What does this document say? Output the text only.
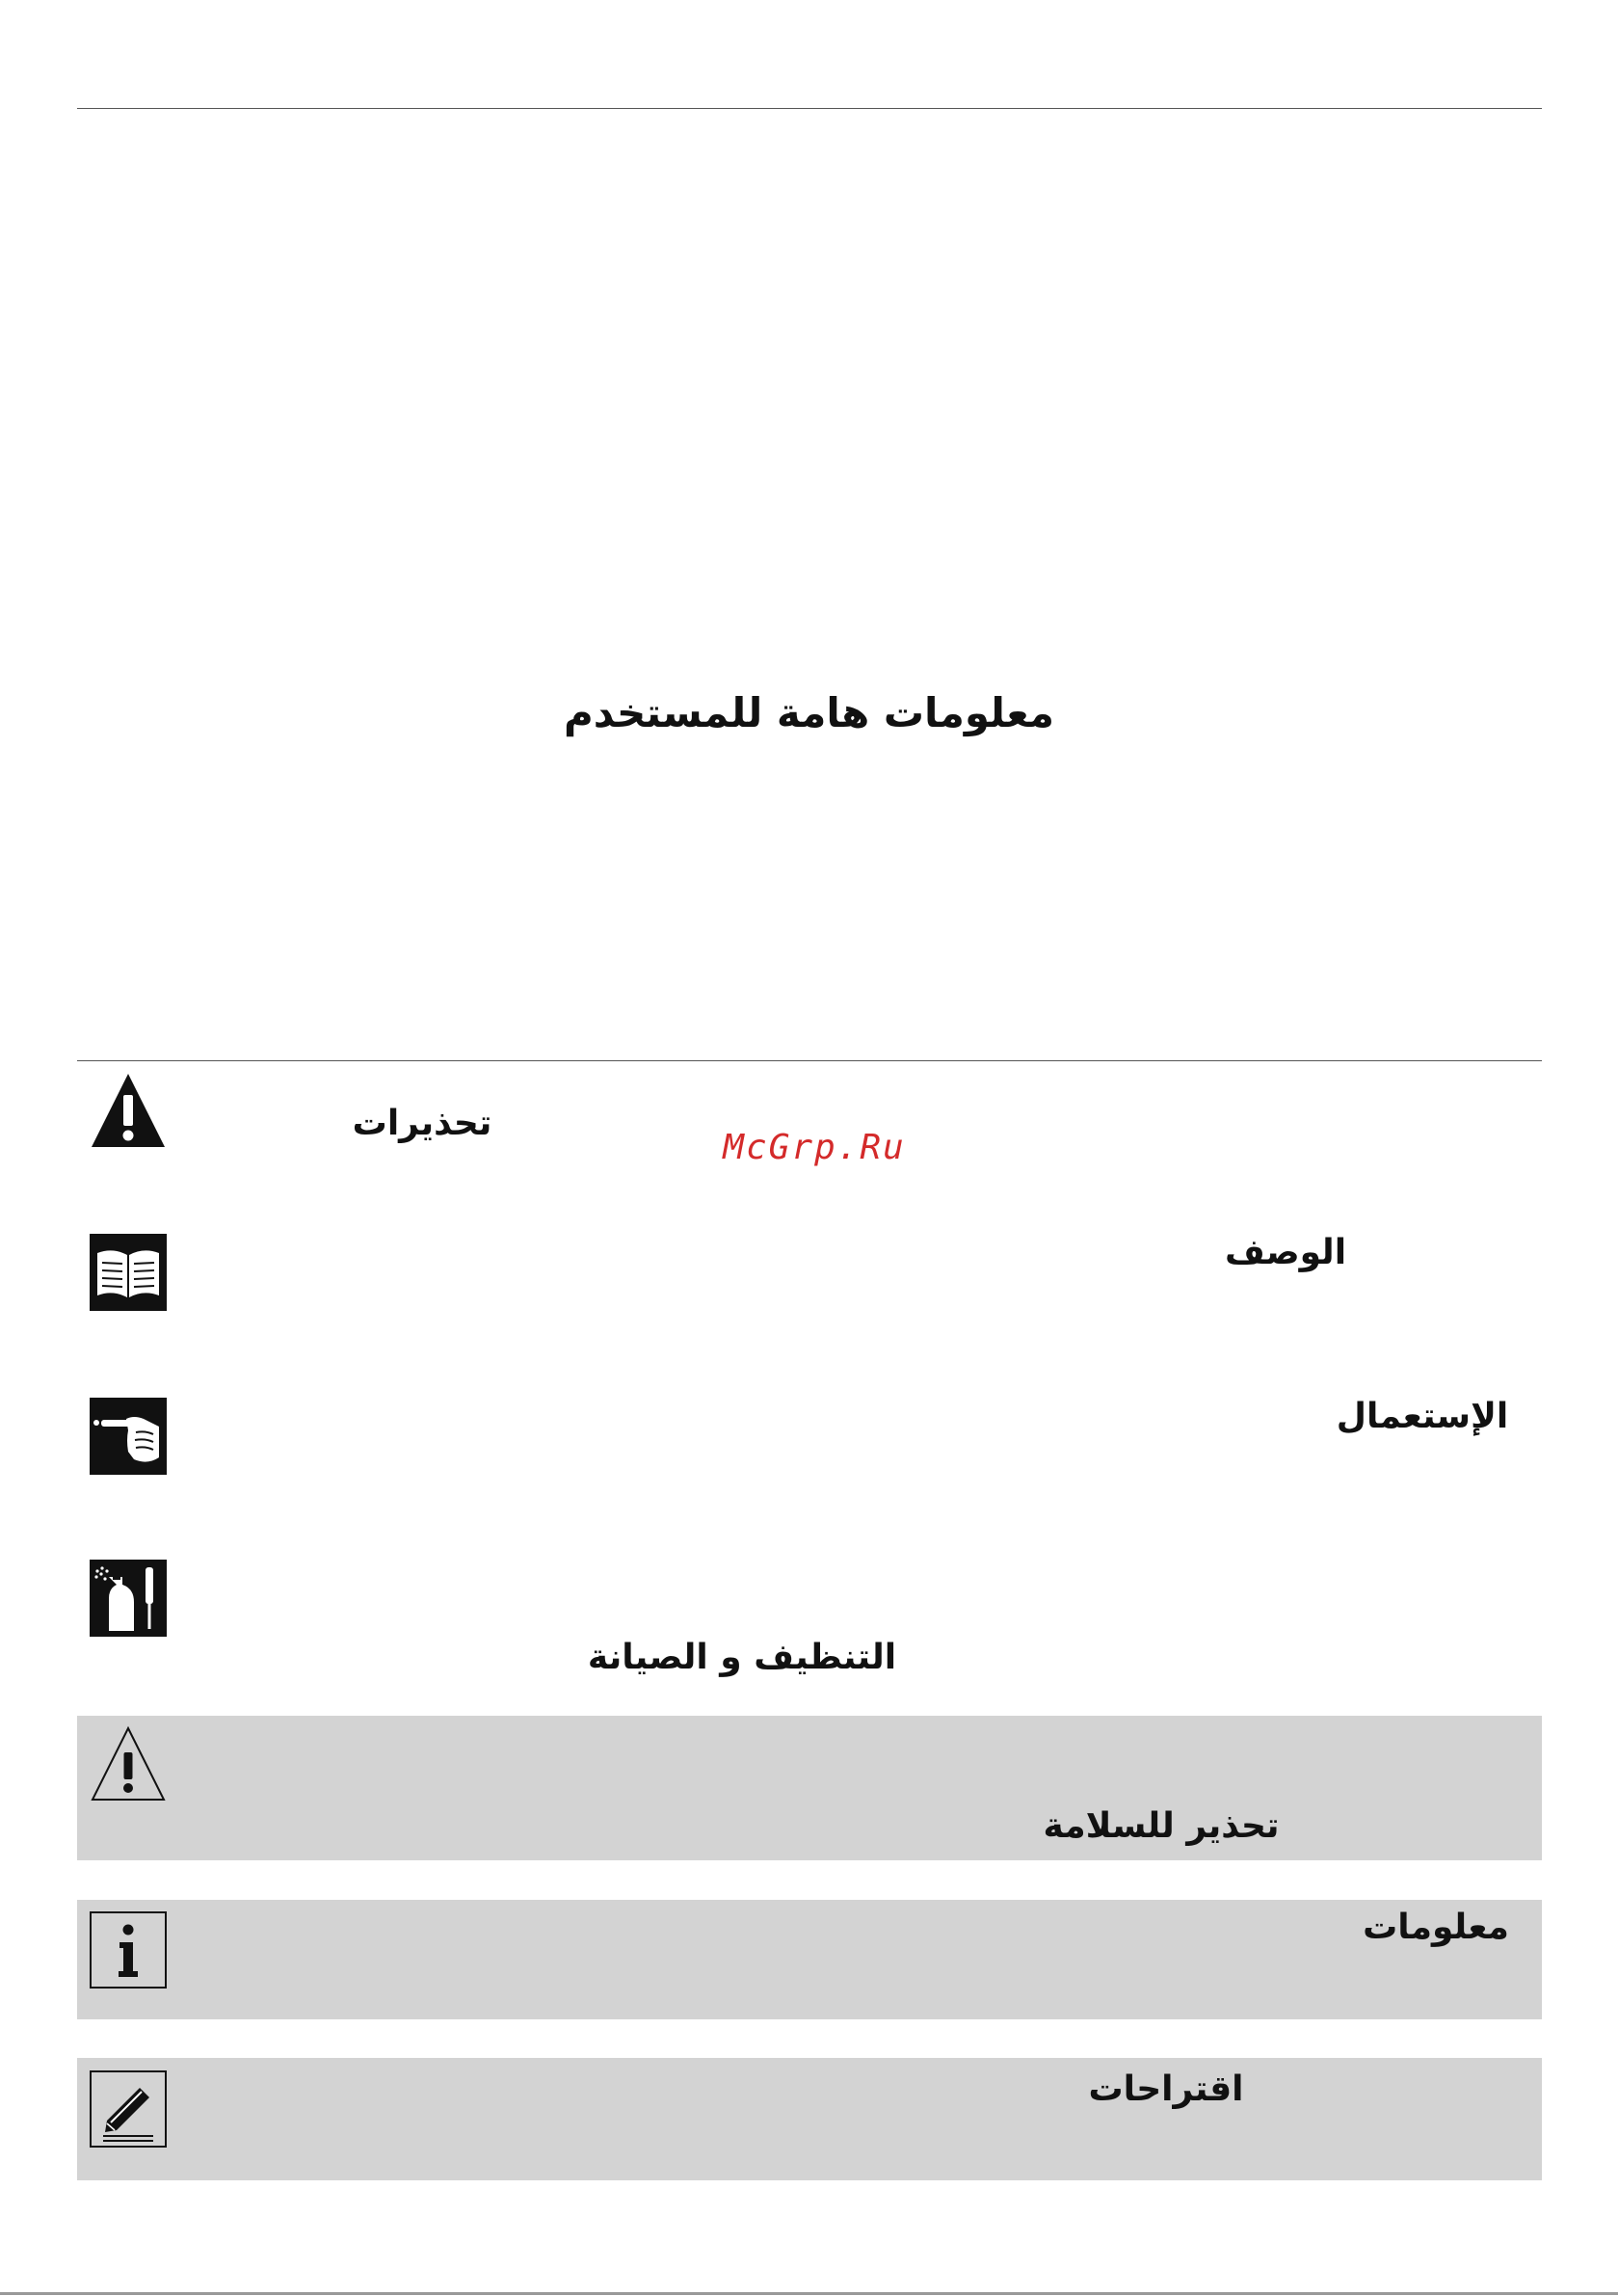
معلومات هامة للمستخدم
تحذيرات
McGrp.Ru
الوصف
الإستعمال
التنظيف و الصيانة
تحذير للسلامة
معلومات
اقتراحات
